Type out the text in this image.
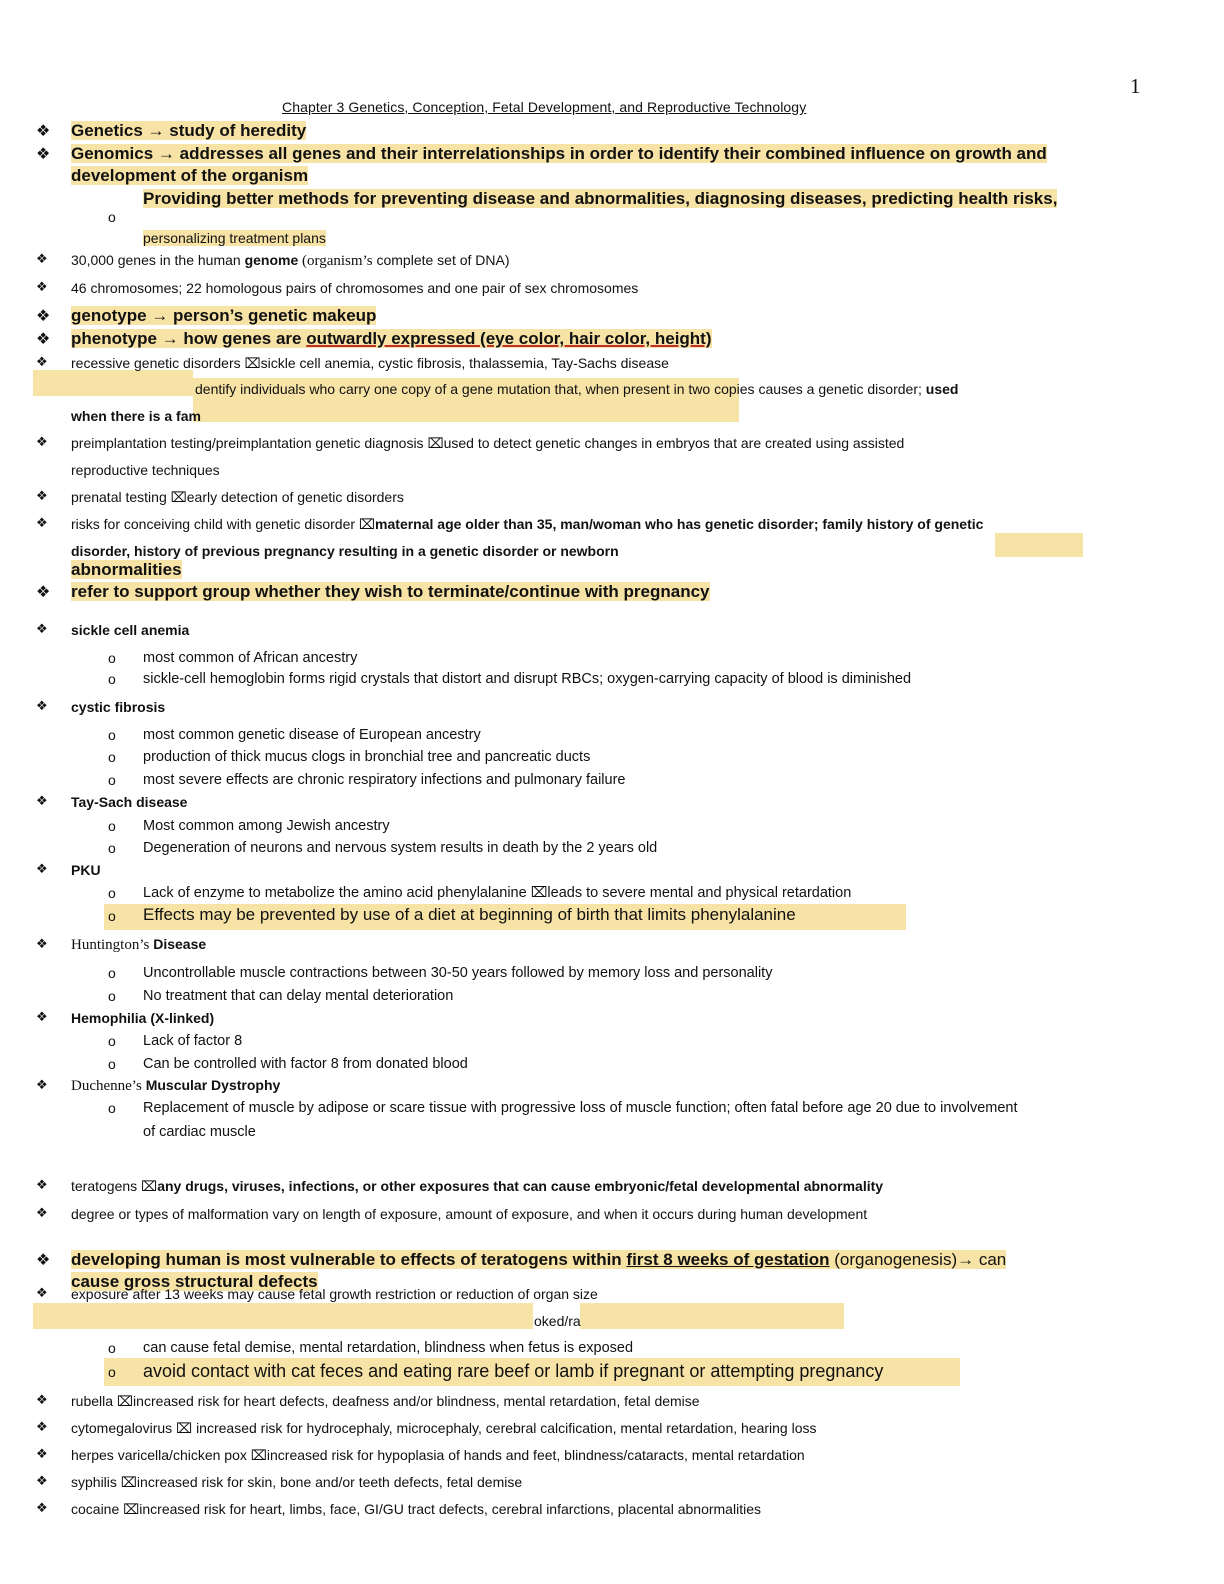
1
Chapter 3 Genetics, Conception, Fetal Development, and Reproductive Technology
❖ Genetics → study of heredity
❖ Genomics → addresses all genes and their interrelationships in order to identify their combined influence on growth and
development of the organism
o
Providing better methods for preventing disease and abnormalities, diagnosing diseases, predicting health risks,
personalizing treatment plans
❖ 30,000 genes in the human genome (organism’s complete set of DNA)
❖ 46 chromosomes; 22 homologous pairs of chromosomes and one pair of sex chromosomes
❖ genotype → person’s genetic makeup
❖ phenotype → how genes are outwardly expressed (eye color, hair color, height)
❖ recessive genetic disorders ⌧sickle cell anemia, cystic fibrosis, thalassemia, Tay-Sachs disease
dentify individuals who carry one copy of a gene mutation that, when present in two copies causes a genetic disorder; used
when there is a fam
❖ preimplantation testing/preimplantation genetic diagnosis ⌧used to detect genetic changes in embryos that are created using assisted
reproductive techniques
❖ prenatal testing ⌧early detection of genetic disorders
❖ risks for conceiving child with genetic disorder ⌧maternal age older than 35, man/woman who has genetic disorder; family history of genetic
disorder, history of previous pregnancy resulting in a genetic disorder or newborn
abnormalities
❖ refer to support group whether they wish to terminate/continue with pregnancy
❖ sickle cell anemia
o most common of African ancestry
o sickle-cell hemoglobin forms rigid crystals that distort and disrupt RBCs; oxygen-carrying capacity of blood is diminished
❖ cystic fibrosis
o most common genetic disease of European ancestry
o production of thick mucus clogs in bronchial tree and pancreatic ducts
o most severe effects are chronic respiratory infections and pulmonary failure
❖ Tay-Sach disease
o Most common among Jewish ancestry
o Degeneration of neurons and nervous system results in death by the 2 years old
❖ PKU
o Lack of enzyme to metabolize the amino acid phenylalanine ⌧leads to severe mental and physical retardation
o Effects may be prevented by use of a diet at beginning of birth that limits phenylalanine
❖ Huntington’s Disease
o Uncontrollable muscle contractions between 30-50 years followed by memory loss and personality
o No treatment that can delay mental deterioration
❖ Hemophilia (X-linked)
o Lack of factor 8
o Can be controlled with factor 8 from donated blood
❖ Duchenne’s Muscular Dystrophy
o Replacement of muscle by adipose or scare tissue with progressive loss of muscle function; often fatal before age 20 due to involvement
of cardiac muscle
❖ teratogens ⌧any drugs, viruses, infections, or other exposures that can cause embryonic/fetal developmental abnormality
❖ degree or types of malformation vary on length of exposure, amount of exposure, and when it occurs during human development
❖ developing human is most vulnerable to effects of teratogens within first 8 weeks of gestation (organogenesis)→ can
cause gross structural defects
❖ exposure after 13 weeks may cause fetal growth restriction or reduction of organ size
oked/ra
o can cause fetal demise, mental retardation, blindness when fetus is exposed
o avoid contact with cat feces and eating rare beef or lamb if pregnant or attempting pregnancy
❖ rubella ⌧increased risk for heart defects, deafness and/or blindness, mental retardation, fetal demise
❖ cytomegalovirus ⌧ increased risk for hydrocephaly, microcephaly, cerebral calcification, mental retardation, hearing loss
❖ herpes varicella/chicken pox ⌧increased risk for hypoplasia of hands and feet, blindness/cataracts, mental retardation
❖ syphilis ⌧increased risk for skin, bone and/or teeth defects, fetal demise
❖ cocaine ⌧increased risk for heart, limbs, face, GI/GU tract defects, cerebral infarctions, placental abnormalities
